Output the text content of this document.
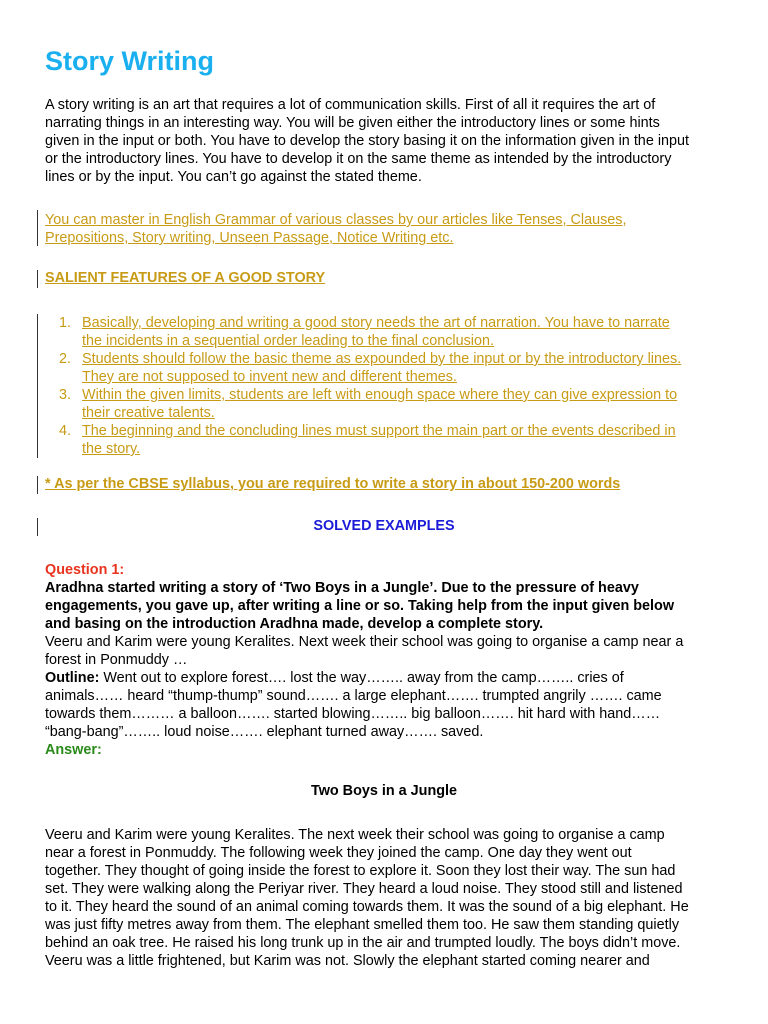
Story Writing
A story writing is an art that requires a lot of communication skills. First of all it requires the art of
narrating things in an interesting way. You will be given either the introductory lines or some hints
given in the input or both. You have to develop the story basing it on the information given in the input
or the introductory lines. You have to develop it on the same theme as intended by the introductory
lines or by the input. You can’t go against the stated theme.
You can master in English Grammar of various classes by our articles like Tenses, Clauses,
Prepositions, Story writing, Unseen Passage, Notice Writing etc.

SALIENT FEATURES OF A GOOD STORY

1. Basically, developing and writing a good story needs the art of narration. You have to narrate
the incidents in a sequential order leading to the final conclusion.
2. Students should follow the basic theme as expounded by the input or by the introductory lines.
They are not supposed to invent new and different themes.
3. Within the given limits, students are left with enough space where they can give expression to
their creative talents.
4. The beginning and the concluding lines must support the main part or the events described in
the story.

* As per the CBSE syllabus, you are required to write a story in about 150-200 words

SOLVED EXAMPLES

Question 1:
Aradhna started writing a story of ‘Two Boys in a Jungle’. Due to the pressure of heavy
engagements, you gave up, after writing a line or so. Taking help from the input given below
and basing on the introduction Aradhna made, develop a complete story.
Veeru and Karim were young Keralites. Next week their school was going to organise a camp near a
forest in Ponmuddy …
Outline: Went out to explore forest…. lost the way…….. away from the camp…….. cries of
animals…… heard “thump-thump” sound……. a large elephant……. trumpted angrily ……. came
towards them……… a balloon……. started blowing…….. big balloon……. hit hard with hand……
“bang-bang”…….. loud noise……. elephant turned away……. saved.
Answer:

Two Boys in a Jungle

Veeru and Karim were young Keralites. The next week their school was going to organise a camp
near a forest in Ponmuddy. The following week they joined the camp. One day they went out
together. They thought of going inside the forest to explore it. Soon they lost their way. The sun had
set. They were walking along the Periyar river. They heard a loud noise. They stood still and listened
to it. They heard the sound of an animal coming towards them. It was the sound of a big elephant. He
was just fifty metres away from them. The elephant smelled them too. He saw them standing quietly
behind an oak tree. He raised his long trunk up in the air and trumpted loudly. The boys didn’t move.
Veeru was a little frightened, but Karim was not. Slowly the elephant started coming nearer and
